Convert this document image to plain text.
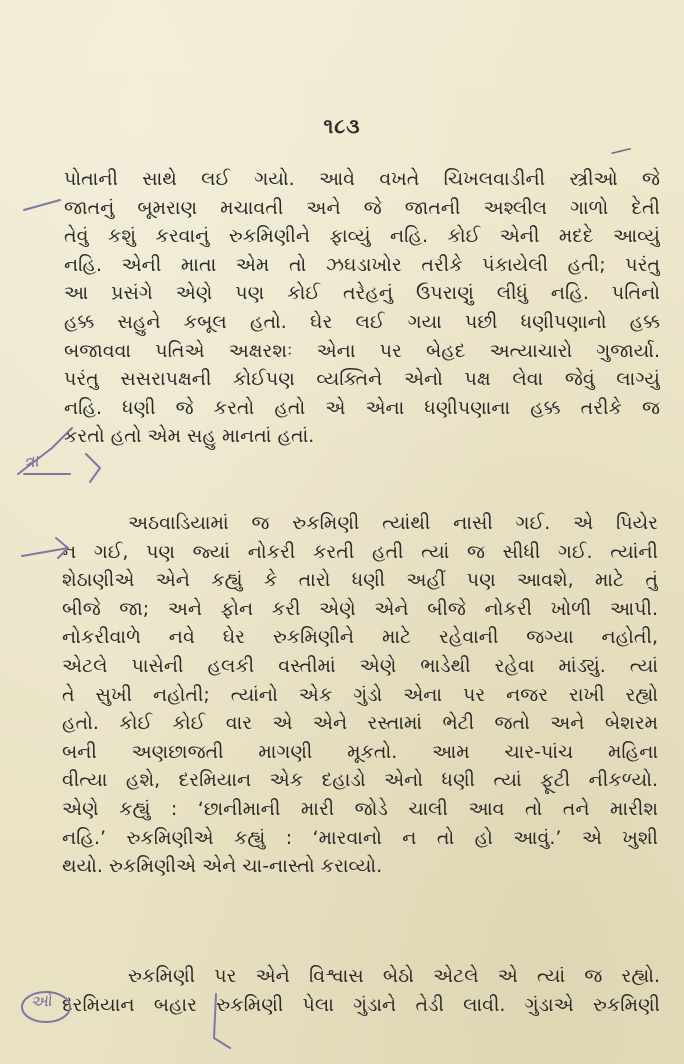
૧૮૩
પોતાની સાથે લઈ ગયો. આવે વખતે ચિખલવાડીની સ્ત્રીઓ જે
જાતનું બૂમરાણ મચાવતી અને જે જાતની અશ્લીલ ગાળો દેતી
તેવું કશું કરવાનું રુકમિણીને ફાવ્યું નહિ. કોઈ એની મદદે આવ્યું
નહિ. એની માતા એમ તો ઝઘડાખોર તરીકે પંકાયેલી હતી; પરંતુ
આ પ્રસંગે એણે પણ કોઈ તરેહનું ઉપરાણું લીધું નહિ. પતિનો
હક્ક સહુને કબૂલ હતો. ઘેર લઈ ગયા પછી ધણીપણાનો હક્ક
બજાવવા પતિએ અક્ષરશઃ એના પર બેહદ અત્યાચારો ગુજાર્યા.
પરંતુ સસરાપક્ષની કોઈપણ વ્યક્તિને એનો પક્ષ લેવા જેવું લાગ્યું
નહિ. ધણી જે કરતો હતો એ એના ધણીપણાના હક્ક તરીકે જ
કરતો હતો એમ સહુ માનતાં હતાં.
અઠવાડિયામાં જ રુકમિણી ત્યાંથી નાસી ગઈ. એ પિયેર
ન ગઈ, પણ જ્યાં નોકરી કરતી હતી ત્યાં જ સીધી ગઈ. ત્યાંની
શેઠાણીએ એને કહ્યું કે તારો ધણી અહીં પણ આવશે, માટે તું
બીજે જા; અને ફોન કરી એણે એને બીજે નોકરી ખોળી આપી.
નોકરીવાળે નવે ઘેર રુકમિણીને માટે રહેવાની જગ્યા નહોતી,
એટલે પાસેની હલકી વસ્તીમાં એણે ભાડેથી રહેવા માંડ્યું. ત્યાં
તે સુખી નહોતી; ત્યાંનો એક ગુંડો એના પર નજર રાખી રહ્યો
હતો. કોઈ કોઈ વાર એ એને રસ્તામાં ભેટી જતો અને બેશરમ
બની અણછાજતી માગણી મૂકતો. આમ ચાર-પાંચ મહિના
વીત્યા હશે, દરમિયાન એક દહાડો એનો ધણી ત્યાં ફૂટી નીકળ્યો.
એણે કહ્યું : ‘છાનીમાની મારી જોડે ચાલી આવ તો તને મારીશ
નહિ.’ રુકમિણીએ કહ્યું : ‘મારવાનો ન તો હો આવું.’ એ ખુશી
થયો. રુકમિણીએ એને ચા-નાસ્તો કરાવ્યો.
રુકમિણી પર એને વિશ્વાસ બેઠો એટલે એ ત્યાં જ રહ્યો.
દરમિયાન બહાર રુકમિણી પેલા ગુંડાને તેડી લાવી. ગુંડાએ રુકમિણી
ત્રા
ઓ
—
